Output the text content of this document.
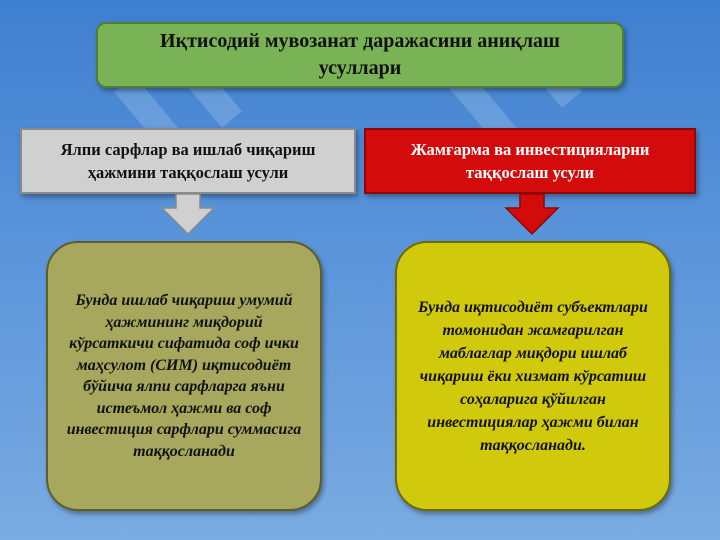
Иқтисодий мувозанат даражасини аниқлаш усуллари
Ялпи сарфлар ва ишлаб чиқариш ҳажмини таққослаш усули
Жамғарма ва инвестицияларни таққослаш усули
Бунда ишлаб чиқариш умумий ҳажмининг миқдорий кўрсаткичи сифатида соф ички маҳсулот (СИМ) иқтисодиёт бўйича ялпи сарфларга яъни истеъмол ҳажми ва соф инвестиция сарфлари суммасига таққосланади
Бунда иқтисодиёт субъектлари томонидан жамғарилган маблағлар миқдори ишлаб чиқариш ёки хизмат кўрсатиш соҳаларига қўйилган инвестициялар ҳажми билан таққосланади.
